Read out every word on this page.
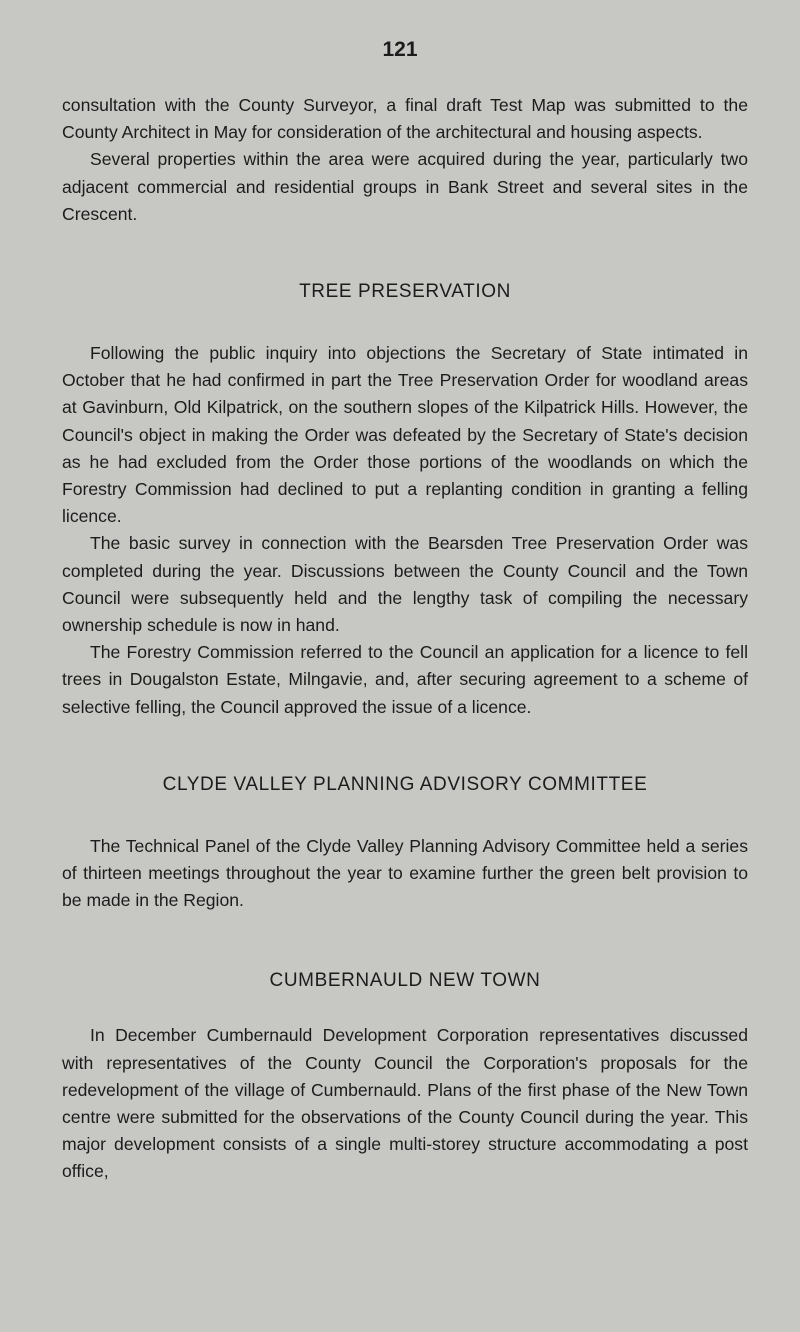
121

consultation with the County Surveyor, a final draft Test Map was submitted to the County Architect in May for consideration of the architectural and housing aspects.

Several properties within the area were acquired during the year, particularly two adjacent commercial and residential groups in Bank Street and several sites in the Crescent.

TREE PRESERVATION

Following the public inquiry into objections the Secretary of State intimated in October that he had confirmed in part the Tree Preservation Order for woodland areas at Gavinburn, Old Kilpatrick, on the southern slopes of the Kilpatrick Hills. However, the Council's object in making the Order was defeated by the Secretary of State's decision as he had excluded from the Order those portions of the woodlands on which the Forestry Commission had declined to put a replanting condition in granting a felling licence.

The basic survey in connection with the Bearsden Tree Preservation Order was completed during the year. Discussions between the County Council and the Town Council were subsequently held and the lengthy task of compiling the necessary ownership schedule is now in hand.

The Forestry Commission referred to the Council an application for a licence to fell trees in Dougalston Estate, Milngavie, and, after securing agreement to a scheme of selective felling, the Council approved the issue of a licence.

CLYDE VALLEY PLANNING ADVISORY COMMITTEE

The Technical Panel of the Clyde Valley Planning Advisory Committee held a series of thirteen meetings throughout the year to examine further the green belt provision to be made in the Region.

CUMBERNAULD NEW TOWN

In December Cumbernauld Development Corporation representatives discussed with representatives of the County Council the Corporation's proposals for the redevelopment of the village of Cumbernauld. Plans of the first phase of the New Town centre were submitted for the observations of the County Council during the year. This major development consists of a single multi-storey structure accommodating a post office,
